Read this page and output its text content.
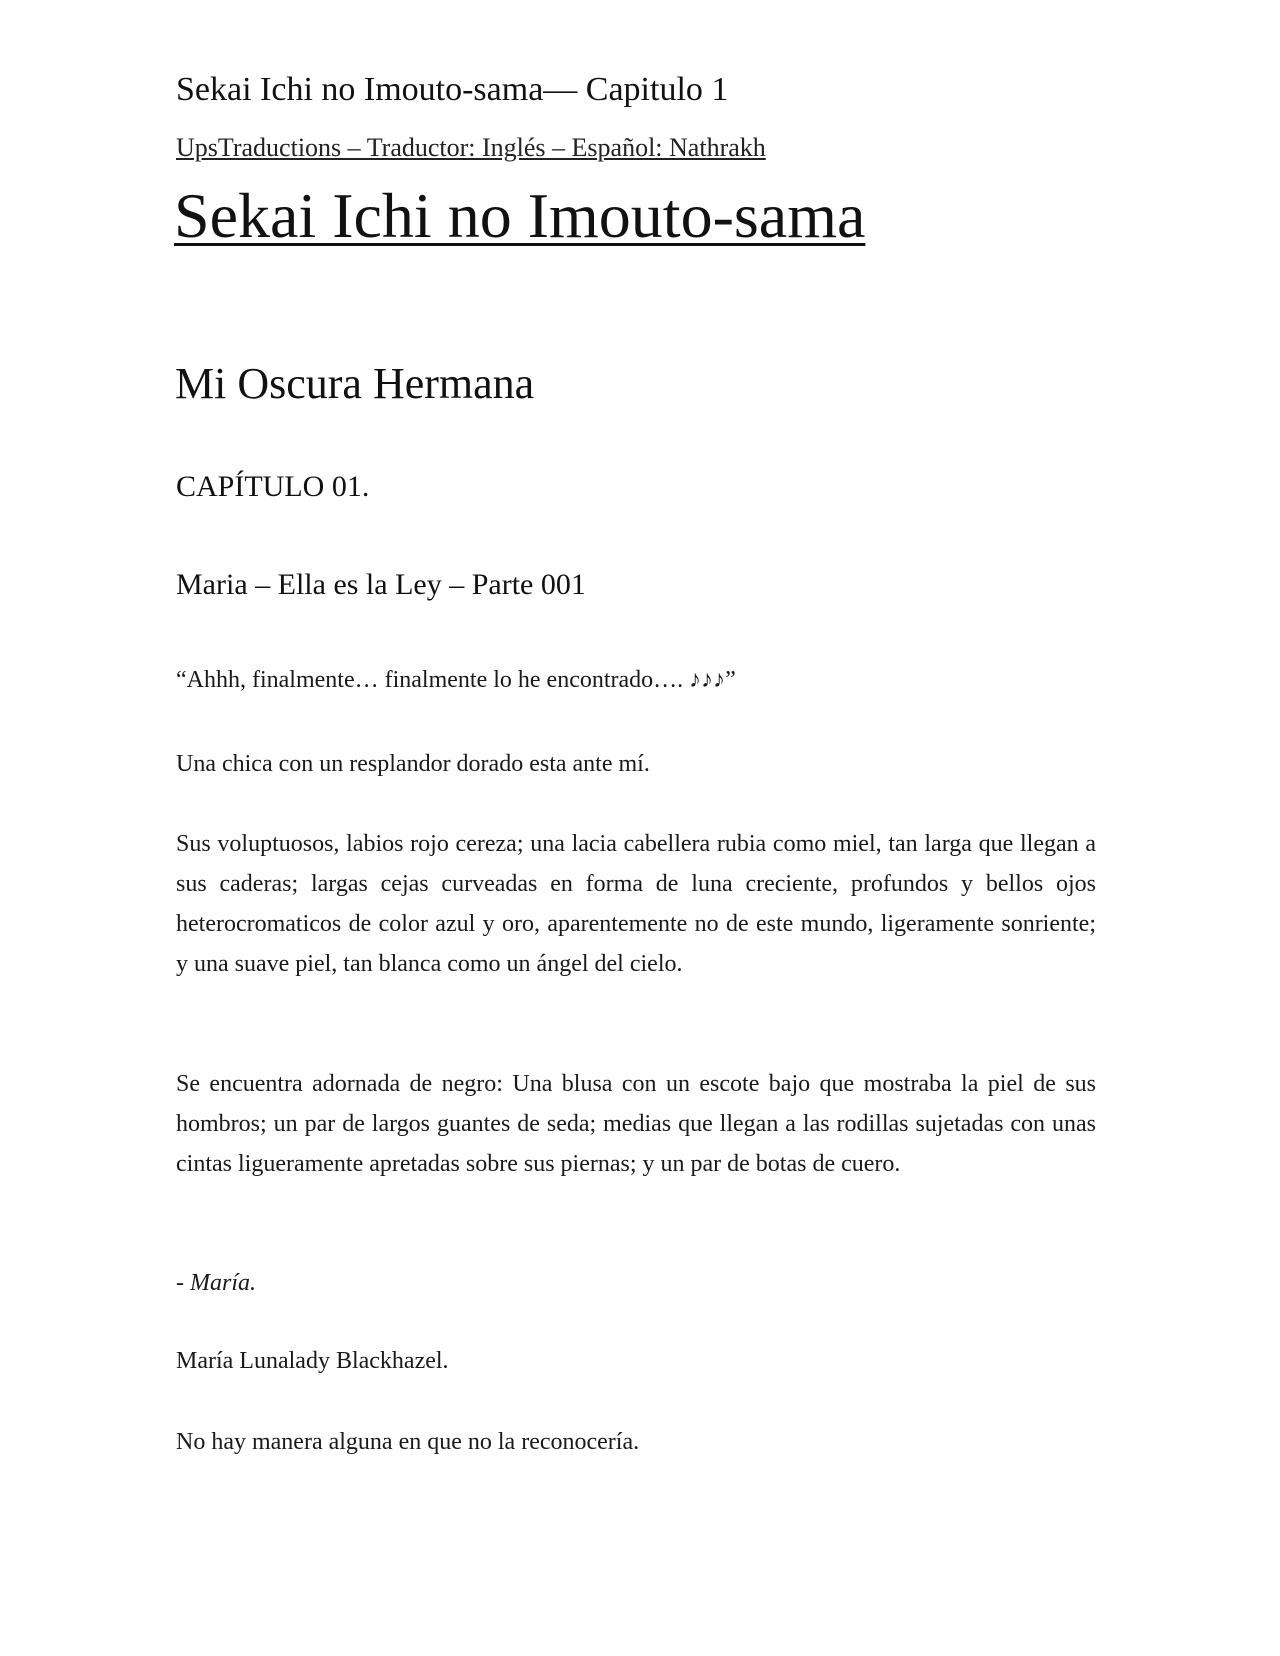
Sekai Ichi no Imouto-sama— Capitulo 1
UpsTraductions – Traductor: Inglés – Español: Nathrakh
Sekai Ichi no Imouto-sama
Mi Oscura Hermana
CAPÍTULO 01.
Maria – Ella es la Ley – Parte 001

“Ahhh, finalmente… finalmente lo he encontrado…. ♪♪♪”

Una chica con un resplandor dorado esta ante mí.

Sus voluptuosos, labios rojo cereza; una lacia cabellera rubia como miel, tan larga que llegan a sus caderas; largas cejas curveadas en forma de luna creciente, profundos y bellos ojos heterocromaticos de color azul y oro, aparentemente no de este mundo, ligeramente sonriente; y una suave piel, tan blanca como un ángel del cielo.

Se encuentra adornada de negro: Una blusa con un escote bajo que mostraba la piel de sus hombros; un par de largos guantes de seda; medias que llegan a las rodillas sujetadas con unas cintas ligueramente apretadas sobre sus piernas; y un par de botas de cuero.

- María.

María Lunalady Blackhazel.

No hay manera alguna en que no la reconocería.
